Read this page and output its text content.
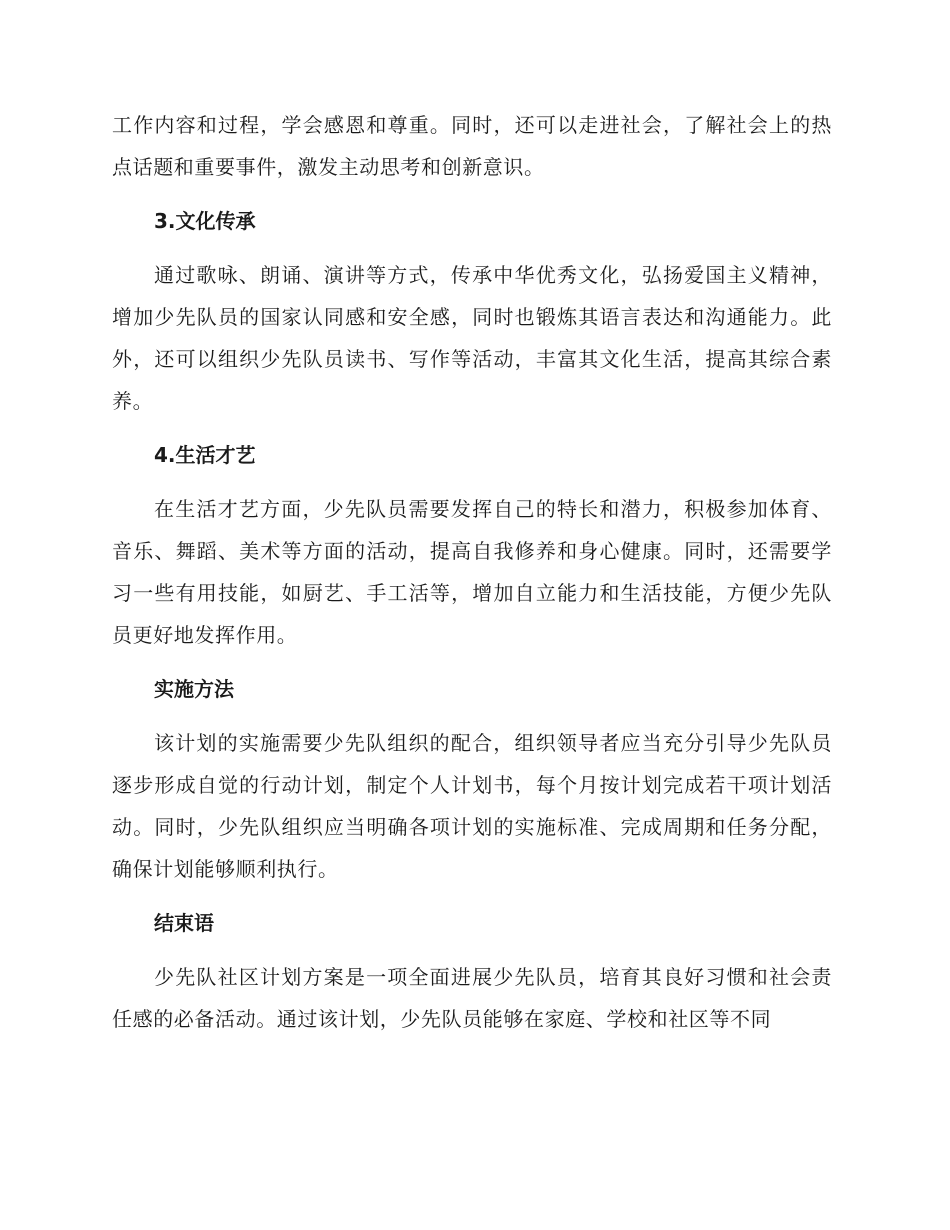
工作内容和过程，学会感恩和尊重。同时，还可以走进社会，了解社会上的热点话题和重要事件，激发主动思考和创新意识。

3.文化传承

通过歌咏、朗诵、演讲等方式，传承中华优秀文化，弘扬爱国主义精神，增加少先队员的国家认同感和安全感，同时也锻炼其语言表达和沟通能力。此外，还可以组织少先队员读书、写作等活动，丰富其文化生活，提高其综合素养。

4.生活才艺

在生活才艺方面，少先队员需要发挥自己的特长和潜力，积极参加体育、音乐、舞蹈、美术等方面的活动，提高自我修养和身心健康。同时，还需要学习一些有用技能，如厨艺、手工活等，增加自立能力和生活技能，方便少先队员更好地发挥作用。

实施方法

该计划的实施需要少先队组织的配合，组织领导者应当充分引导少先队员逐步形成自觉的行动计划，制定个人计划书，每个月按计划完成若干项计划活动。同时，少先队组织应当明确各项计划的实施标准、完成周期和任务分配，确保计划能够顺利执行。

结束语

少先队社区计划方案是一项全面进展少先队员，培育其良好习惯和社会责任感的必备活动。通过该计划，少先队员能够在家庭、学校和社区等不同
